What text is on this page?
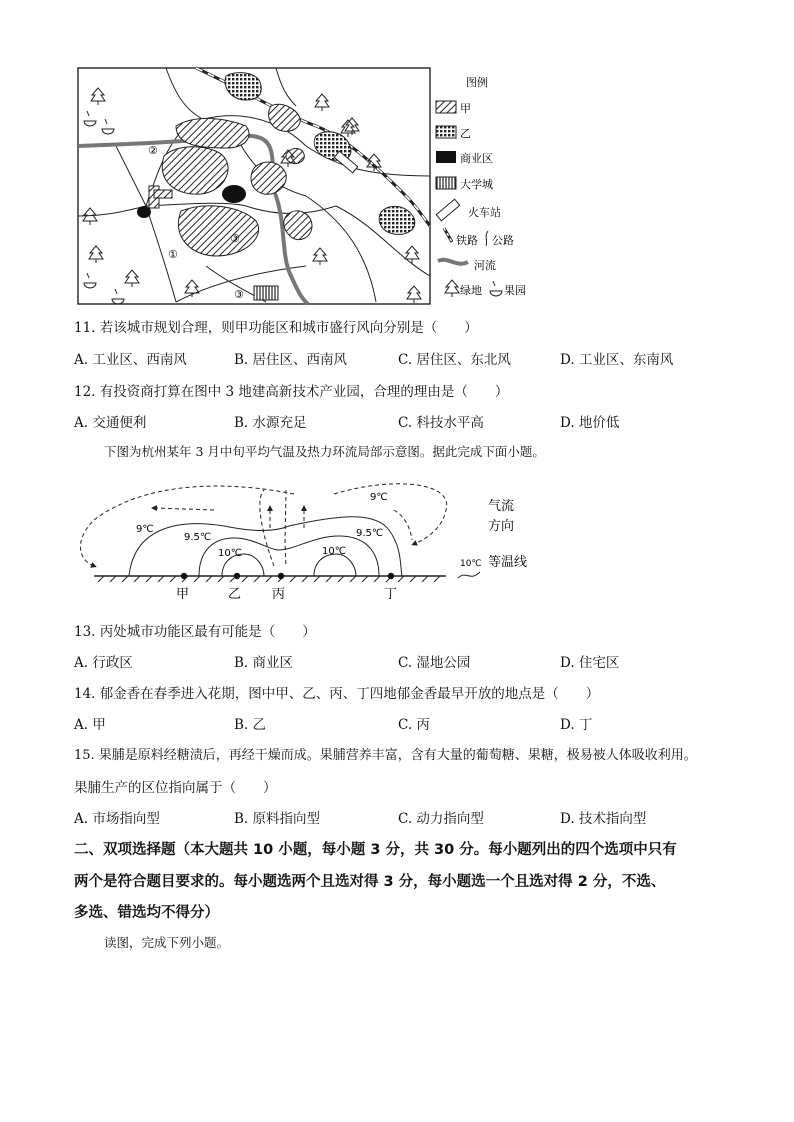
②
①
③
③
图例
甲
乙
商业区
大学城
火车站
铁路 公路
河流
绿地 果园
11. 若该城市规划合理，则甲功能区和城市盛行风向分别是（　　）
A. 工业区、西南风	B. 居住区、西南风	C. 居住区、东北风	D. 工业区、东南风
12. 有投资商打算在图中 3 地建高新技术产业园，合理的理由是（　　）
A. 交通便利	B. 水源充足	C. 科技水平高	D. 地价低
下图为杭州某年 3 月中旬平均气温及热力环流局部示意图。据此完成下面小题。
9℃
9℃
9.5℃	9.5℃
10℃	10℃
10℃
气流
方向
等温线
甲	乙 丙	丁
13. 丙处城市功能区最有可能是（　　）
A. 行政区	B. 商业区	C. 湿地公园	D. 住宅区
14. 郁金香在春季进入花期，图中甲、乙、丙、丁四地郁金香最早开放的地点是（　　）
A. 甲	B. 乙	C. 丙	D. 丁
15. 果脯是原料经糖渍后，再经干燥而成。果脯营养丰富，含有大量的葡萄糖、果糖，极易被人体吸收利用。
果脯生产的区位指向属于（　　）
A. 市场指向型	B. 原料指向型	C. 动力指向型	D. 技术指向型
二、双项选择题（本大题共 10 小题，每小题 3 分，共 30 分。每小题列出的四个选项中只有
两个是符合题目要求的。每小题选两个且选对得 3 分，每小题选一个且选对得 2 分，不选、
多选、错选均不得分）
读图，完成下列小题。
